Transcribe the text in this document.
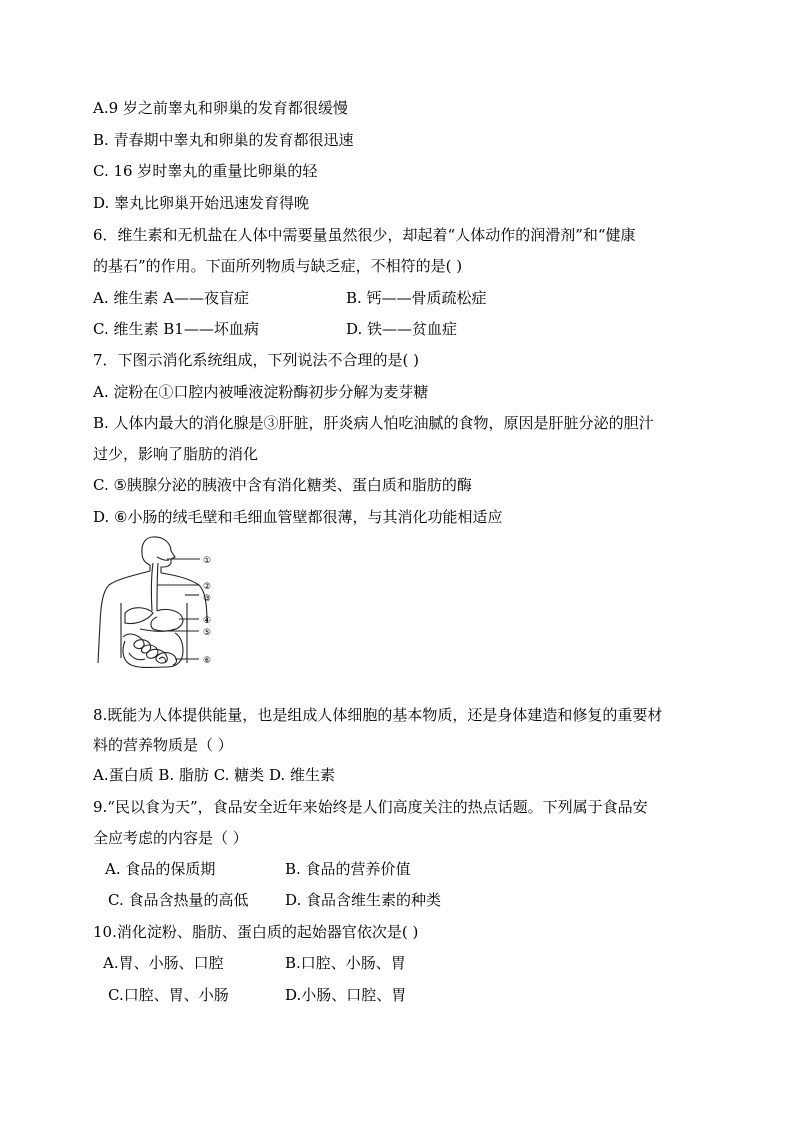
A.9 岁之前睾丸和卵巢的发育都很缓慢
B. 青春期中睾丸和卵巢的发育都很迅速
C. 16 岁时睾丸的重量比卵巢的轻
D. 睾丸比卵巢开始迅速发育得晚
6．维生素和无机盐在人体中需要量虽然很少，却起着“人体动作的润滑剂”和“健康
的基石”的作用。下面所列物质与缺乏症，不相符的是( )
A. 维生素 A——夜盲症	B. 钙——骨质疏松症
C. 维生素 B1——坏血病	D. 铁——贫血症
7．下图示消化系统组成，下列说法不合理的是( )
A. 淀粉在①口腔内被唾液淀粉酶初步分解为麦芽糖
B. 人体内最大的消化腺是③肝脏，肝炎病人怕吃油腻的食物，原因是肝脏分泌的胆汁
过少，影响了脂肪的消化
C. ⑤胰腺分泌的胰液中含有消化糖类、蛋白质和脂肪的酶
D. ⑥小肠的绒毛壁和毛细血管壁都很薄，与其消化功能相适应
①
②
③
④
⑤
⑥
8.既能为人体提供能量，也是组成人体细胞的基本物质，还是身体建造和修复的重要材
料的营养物质是（ ）
A.蛋白质 B. 脂肪 C. 糖类 D. 维生素
9.“民以食为天”，食品安全近年来始终是人们高度关注的热点话题。下列属于食品安
全应考虑的内容是（ ）
A. 食品的保质期	B. 食品的营养价值
C. 食品含热量的高低 D. 食品含维生素的种类
10.消化淀粉、脂肪、蛋白质的起始器官依次是( )
A.胃、小肠、口腔	B.口腔、小肠、胃
C.口腔、胃、小肠	D.小肠、口腔、胃
